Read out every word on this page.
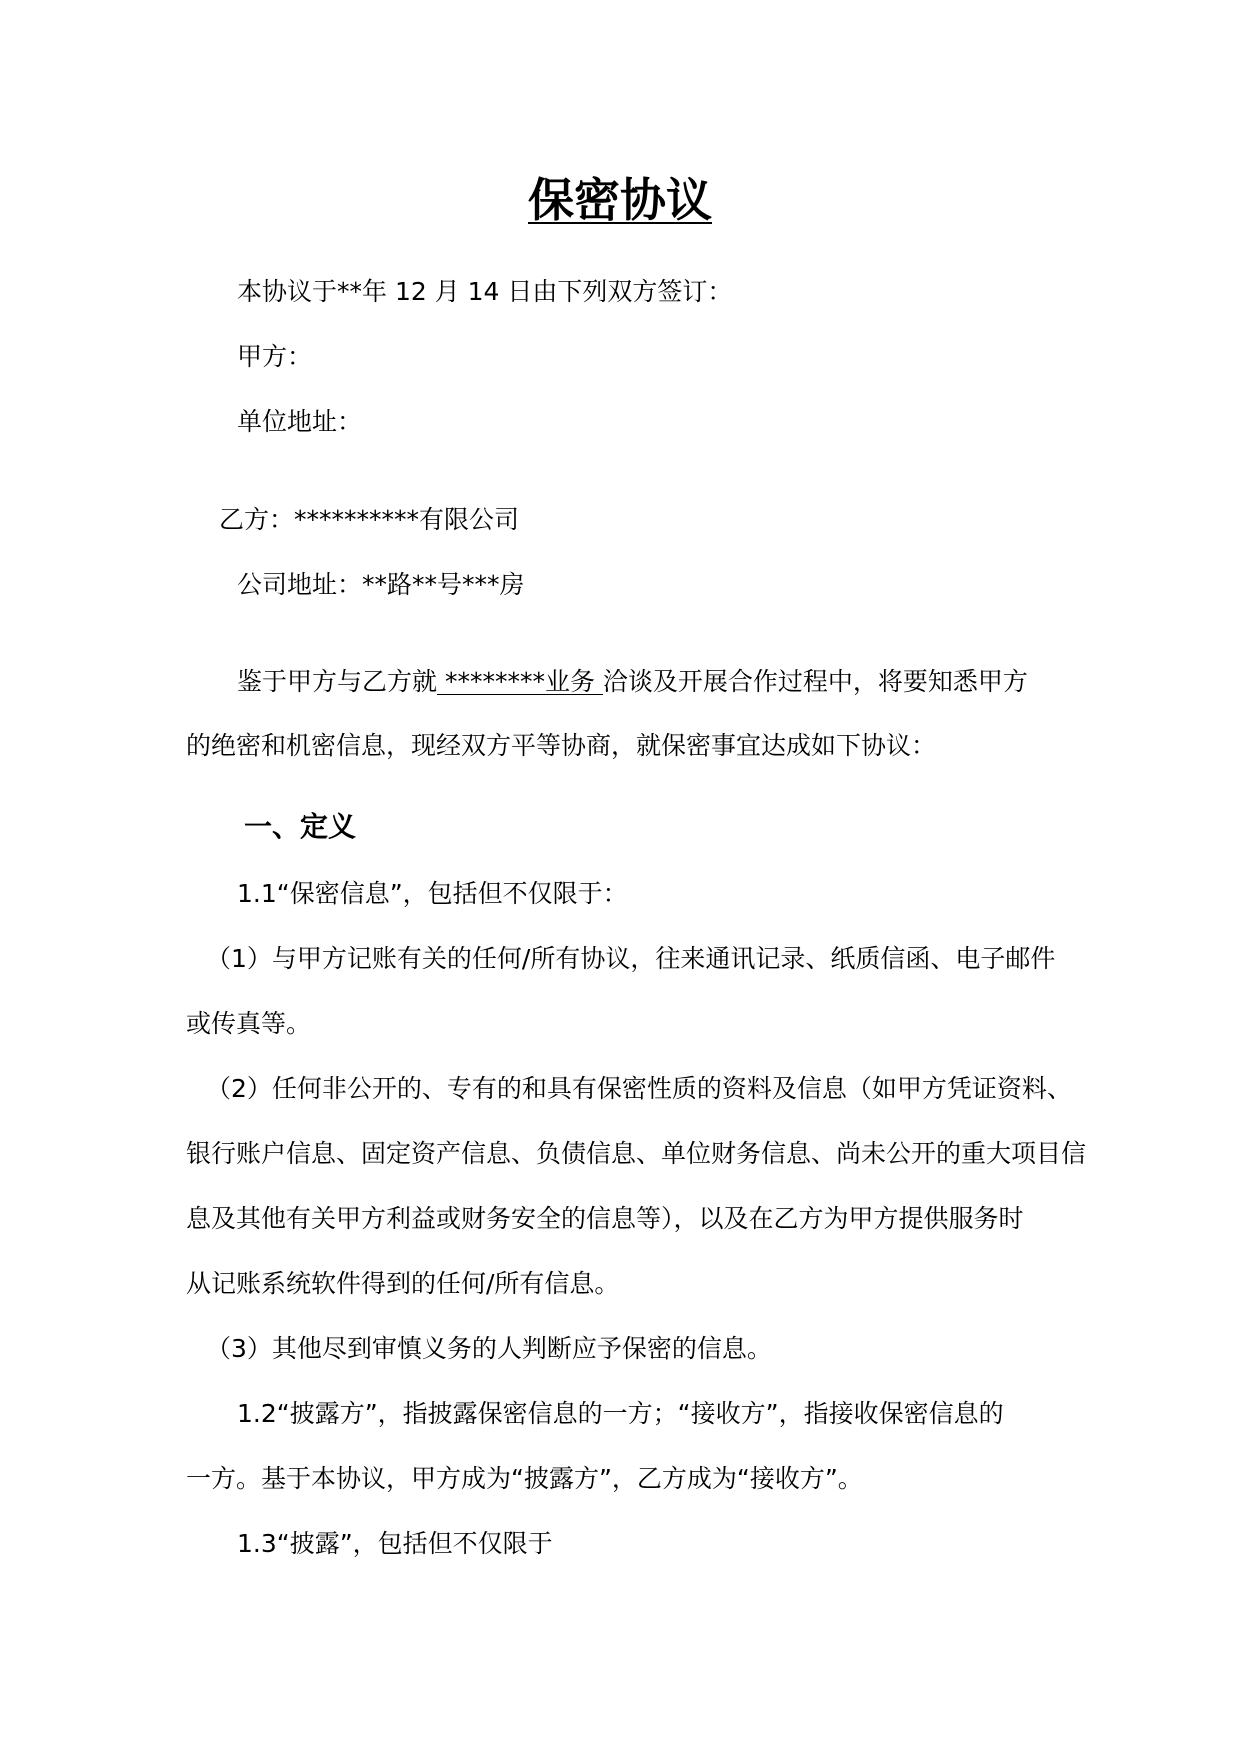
保密协议
本协议于**年 12 月 14 日由下列双方签订：
甲方：
单位地址：
乙方：**********有限公司
公司地址：**路**号***房
鉴于甲方与乙方就 ********业务 洽谈及开展合作过程中，将要知悉甲方
的绝密和机密信息，现经双方平等协商，就保密事宜达成如下协议：
一、定义
1.1“保密信息”，包括但不仅限于：
（1）与甲方记账有关的任何/所有协议，往来通讯记录、纸质信函、电子邮件
或传真等。
（2）任何非公开的、专有的和具有保密性质的资料及信息（如甲方凭证资料、
银行账户信息、固定资产信息、负债信息、单位财务信息、尚未公开的重大项目信
息及其他有关甲方利益或财务安全的信息等），以及在乙方为甲方提供服务时
从记账系统软件得到的任何/所有信息。
（3）其他尽到审慎义务的人判断应予保密的信息。
1.2“披露方”，指披露保密信息的一方；“接收方”，指接收保密信息的
一方。基于本协议，甲方成为“披露方”，乙方成为“接收方”。
1.3“披露”，包括但不仅限于
